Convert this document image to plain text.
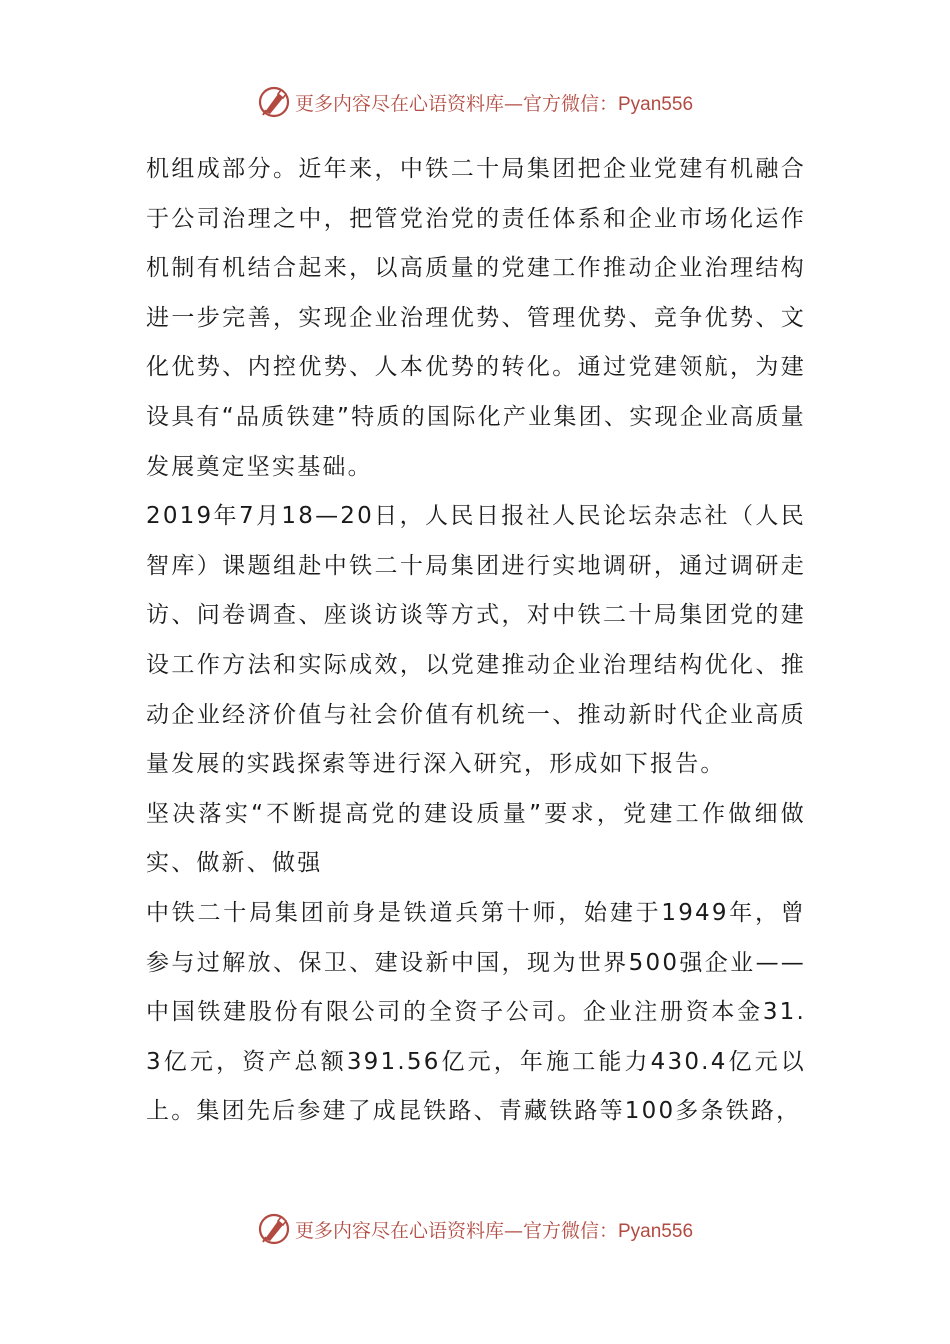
更多内容尽在心语资料库—官方微信：Pyan556

机组成部分。近年来，中铁二十局集团把企业党建有机融合于公司治理之中，把管党治党的责任体系和企业市场化运作机制有机结合起来，以高质量的党建工作推动企业治理结构进一步完善，实现企业治理优势、管理优势、竞争优势、文化优势、内控优势、人本优势的转化。通过党建领航，为建设具有“品质铁建”特质的国际化产业集团、实现企业高质量发展奠定坚实基础。

2019年7月18—20日，人民日报社人民论坛杂志社（人民智库）课题组赴中铁二十局集团进行实地调研，通过调研走访、问卷调查、座谈访谈等方式，对中铁二十局集团党的建设工作方法和实际成效，以党建推动企业治理结构优化、推动企业经济价值与社会价值有机统一、推动新时代企业高质量发展的实践探索等进行深入研究，形成如下报告。

坚决落实“不断提高党的建设质量”要求，党建工作做细做实、做新、做强

中铁二十局集团前身是铁道兵第十师，始建于1949年，曾参与过解放、保卫、建设新中国，现为世界500强企业——中国铁建股份有限公司的全资子公司。企业注册资本金31.3亿元，资产总额391.56亿元，年施工能力430.4亿元以上。集团先后参建了成昆铁路、青藏铁路等100多条铁路，

更多内容尽在心语资料库—官方微信：Pyan556
